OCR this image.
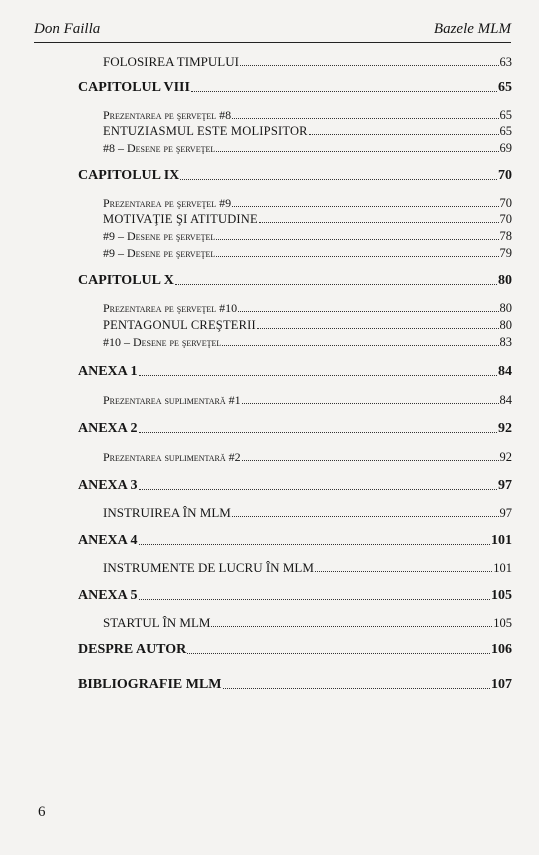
Don Failla	Bazele MLM
FOLOSIREA TIMPULUI	63
CAPITOLUL VIII	65
Prezentarea pe şerveţel #8	65
ENTUZIASMUL ESTE MOLIPSITOR	65
#8 – Desene pe şerveţel	69
CAPITOLUL IX	70
Prezentarea pe şerveţel #9	70
MOTIVAŢIE ŞI ATITUDINE	70
#9 – Desene pe şerveţel	78
#9 – Desene pe şerveţel	79
CAPITOLUL X	80
Prezentarea pe şerveţel #10	80
PENTAGONUL CREŞTERII	80
#10 – Desene pe şerveţel	83
ANEXA 1	84
Prezentarea suplimentară #1	84
ANEXA 2	92
Prezentarea suplimentară #2	92
ANEXA 3	97
INSTRUIREA ÎN MLM	97
ANEXA 4	101
INSTRUMENTE DE LUCRU ÎN MLM	101
ANEXA 5	105
STARTUL ÎN MLM	105
DESPRE AUTOR	106
BIBLIOGRAFIE MLM	107
6
